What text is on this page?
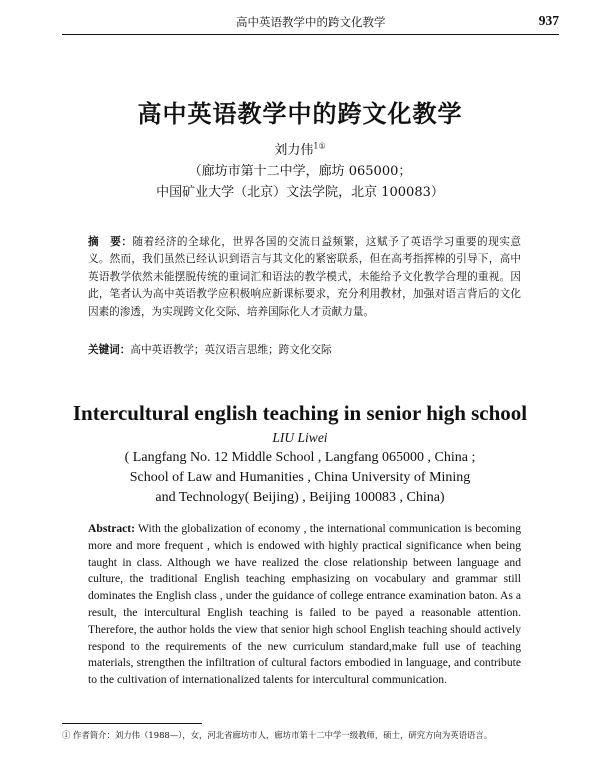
高中英语教学中的跨文化教学	937
高中英语教学中的跨文化教学
刘力伟$^{1①}$
（廊坊市第十二中学，廊坊 065000；
中国矿业大学（北京）文法学院，北京 100083）
摘　要：随着经济的全球化，世界各国的交流日益频繁，这赋予了英语学习重要的现实意义。然而，我们虽然已经认识到语言与其文化的紧密联系，但在高考指挥棒的引导下，高中英语教学依然未能摆脱传统的重词汇和语法的教学模式，未能给予文化教学合理的重视。因此，笔者认为高中英语教学应积极响应新课标要求，充分利用教材，加强对语言背后的文化因素的渗透，为实现跨文化交际、培养国际化人才贡献力量。
关键词：高中英语教学；英汉语言思维；跨文化交际
Intercultural english teaching in senior high school
LIU Liwei
( Langfang No. 12 Middle School , Langfang 065000 , China ;
School of Law and Humanities , China University of Mining
and Technology( Beijing) , Beijing 100083 , China)
Abstract: With the globalization of economy , the international communication is becoming more and more frequent , which is endowed with highly practical significance when being taught in class. Although we have realized the close relationship between language and culture, the traditional English teaching emphasizing on vocabulary and grammar still dominates the English class , under the guidance of college entrance examination baton. As a result, the intercultural English teaching is failed to be payed a reasonable attention. Therefore, the author holds the view that senior high school English teaching should actively respond to the requirements of the new curriculum standard,make full use of teaching materials, strengthen the infiltration of cultural factors embodied in language, and contribute to the cultivation of internationalized talents for intercultural communication.
① 作者简介：刘力伟（1988—），女，河北省廊坊市人，廊坊市第十二中学一级教师，硕士，研究方向为英语语言。
